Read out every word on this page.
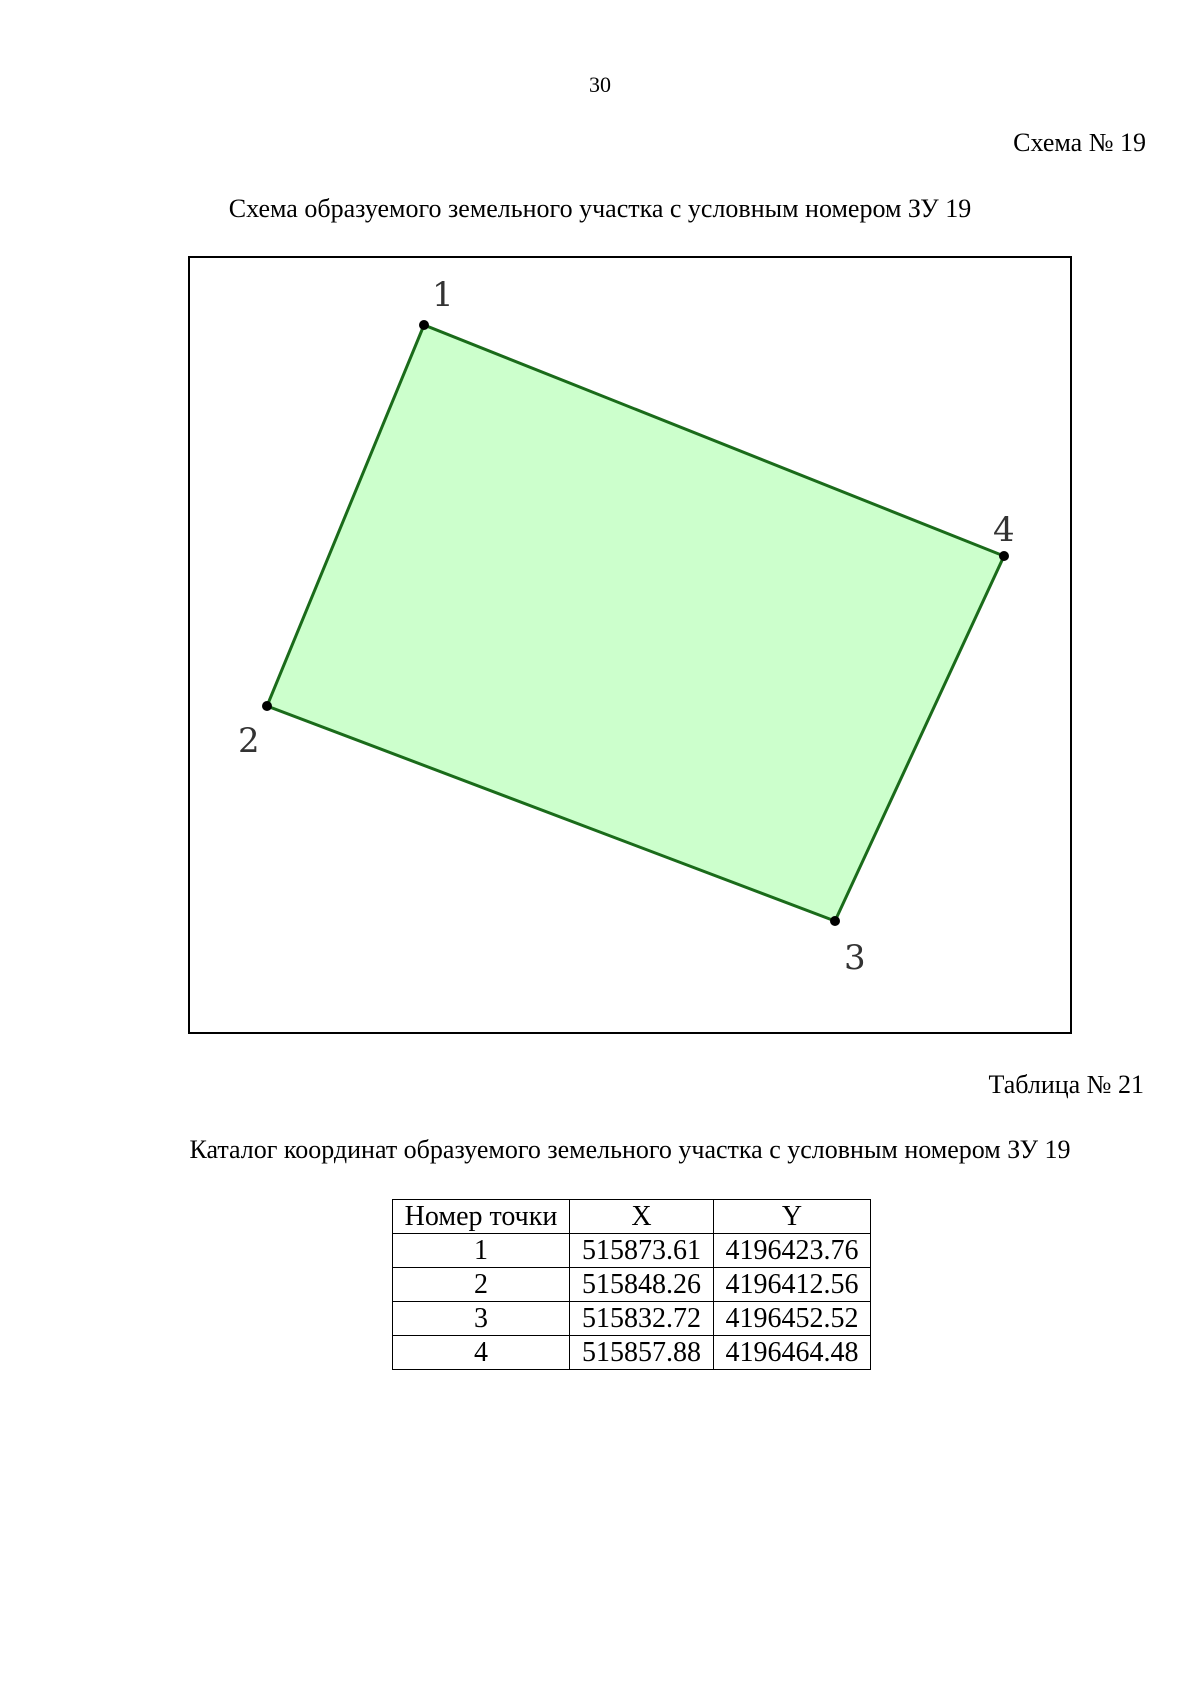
30
Схема № 19
Схема образуемого земельного участка с условным номером ЗУ 19
1
2
3
4
Таблица № 21
Каталог координат образуемого земельного участка с условным номером ЗУ 19
Номер точки	X	Y
1	515873.61	4196423.76
2	515848.26	4196412.56
3	515832.72	4196452.52
4	515857.88	4196464.48
